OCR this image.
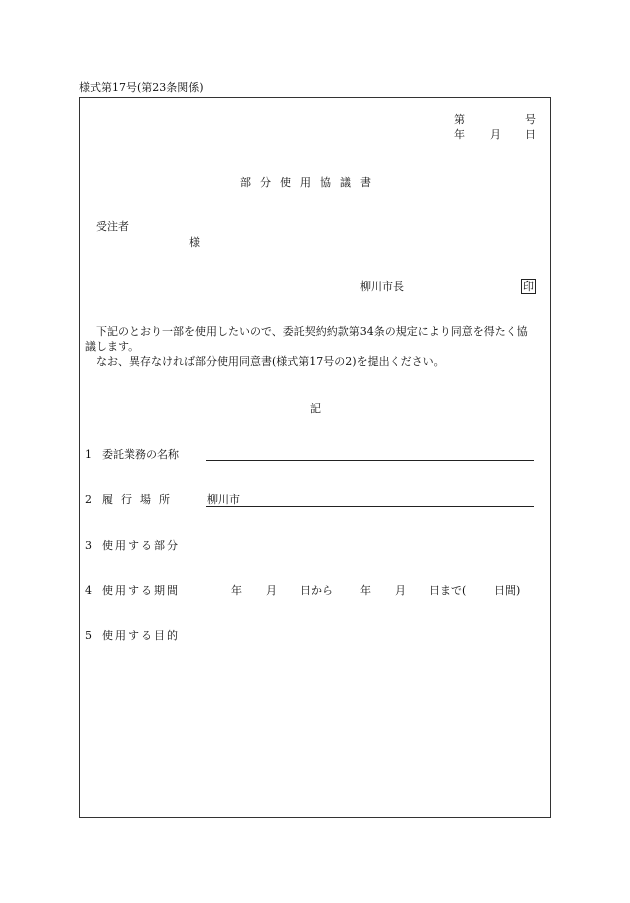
様式第17号(第23条関係)
第	号
年 月 日
部分使用協議書
受注者
様
柳川市長	印
下記のとおり一部を使用したいので、委託契約約款第34条の規定により同意を得たく協
議します。
なお、異存なければ部分使用同意書(様式第17号の2)を提出ください。
記
1 委託業務の名称
2 履行場所	柳川市
3 使用する部分
4 使用する期間	年 月 日から 年 月 日まで(	日間)
5 使用する目的
